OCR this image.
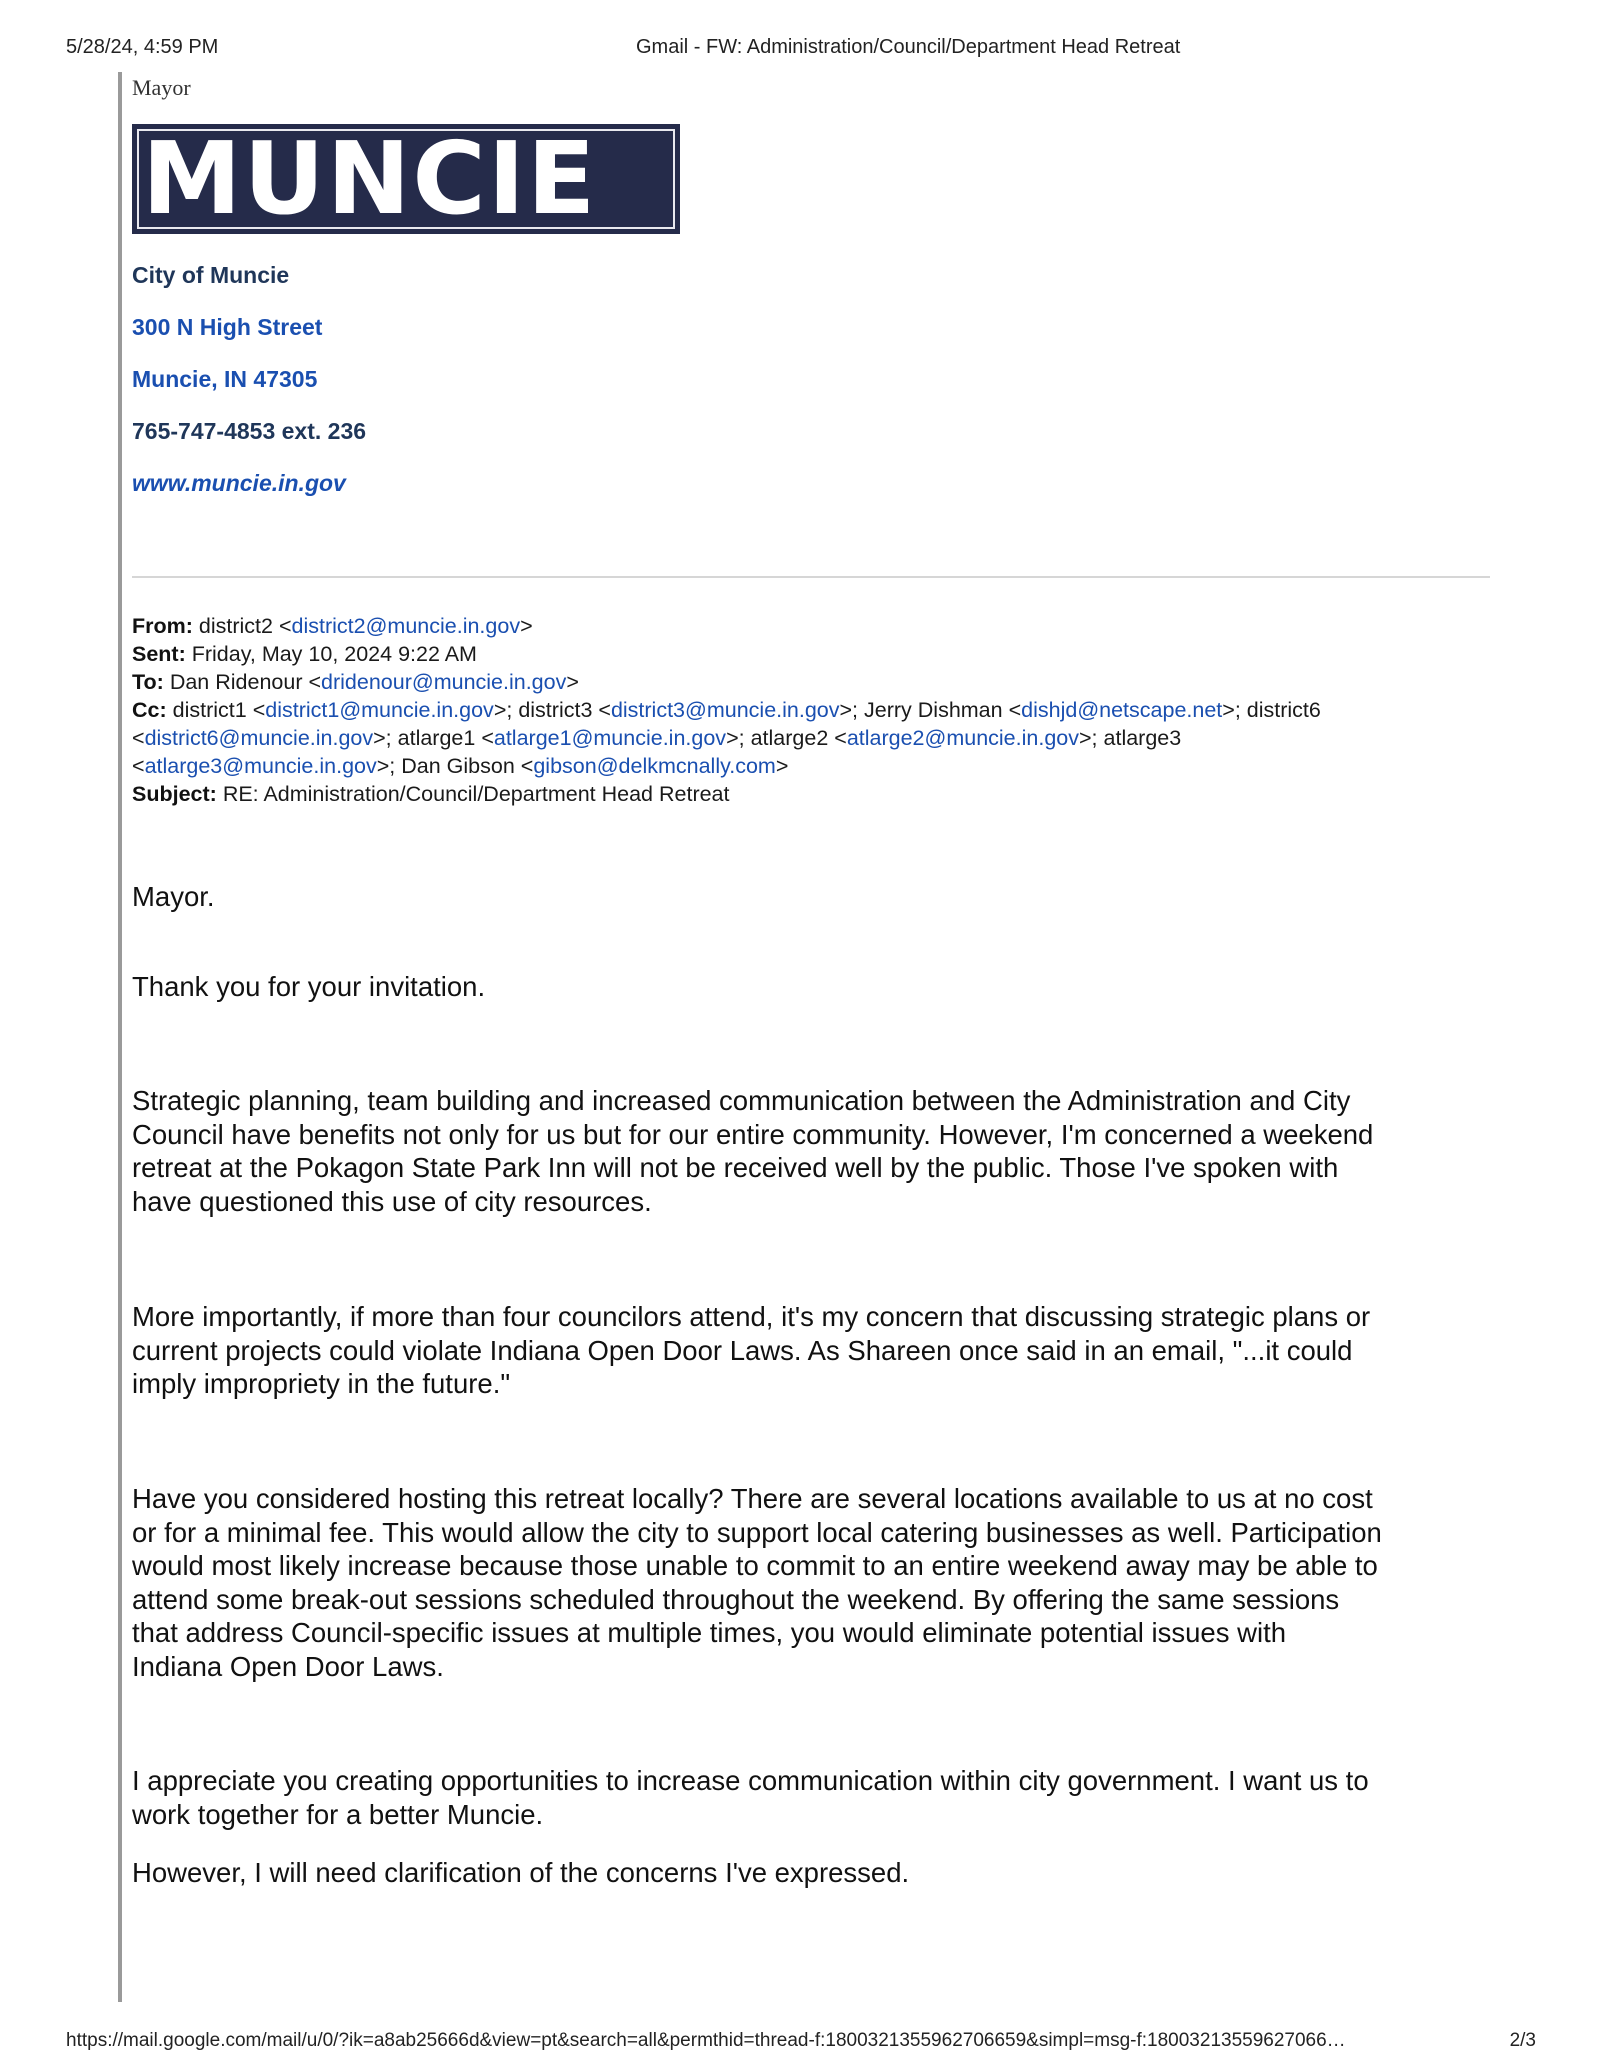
5/28/24, 4:59 PM	Gmail - FW: Administration/Council/Department Head Retreat
Mayor
MUNCIE
City of Muncie
300 N High Street
Muncie, IN 47305
765-747-4853 ext. 236
www.muncie.in.gov
From: district2 <district2@muncie.in.gov>
Sent: Friday, May 10, 2024 9:22 AM
To: Dan Ridenour <dridenour@muncie.in.gov>
Cc: district1 <district1@muncie.in.gov>; district3 <district3@muncie.in.gov>; Jerry Dishman <dishjd@netscape.net>; district6
<district6@muncie.in.gov>; atlarge1 <atlarge1@muncie.in.gov>; atlarge2 <atlarge2@muncie.in.gov>; atlarge3
<atlarge3@muncie.in.gov>; Dan Gibson <gibson@delkmcnally.com>
Subject: RE: Administration/Council/Department Head Retreat
Mayor.
Thank you for your invitation.
Strategic planning, team building and increased communication between the Administration and City
Council have benefits not only for us but for our entire community. However, I'm concerned a weekend
retreat at the Pokagon State Park Inn will not be received well by the public. Those I've spoken with
have questioned this use of city resources.
More importantly, if more than four councilors attend, it's my concern that discussing strategic plans or
current projects could violate Indiana Open Door Laws. As Shareen once said in an email, "...it could
imply impropriety in the future."
Have you considered hosting this retreat locally? There are several locations available to us at no cost
or for a minimal fee. This would allow the city to support local catering businesses as well. Participation
would most likely increase because those unable to commit to an entire weekend away may be able to
attend some break-out sessions scheduled throughout the weekend. By offering the same sessions
that address Council-specific issues at multiple times, you would eliminate potential issues with
Indiana Open Door Laws.
I appreciate you creating opportunities to increase communication within city government. I want us to
work together for a better Muncie.
However, I will need clarification of the concerns I've expressed.
https://mail.google.com/mail/u/0/?ik=a8ab25666d&view=pt&search=all&permthid=thread-f:1800321355962706659&simpl=msg-f:18003213559627066…	2/3
